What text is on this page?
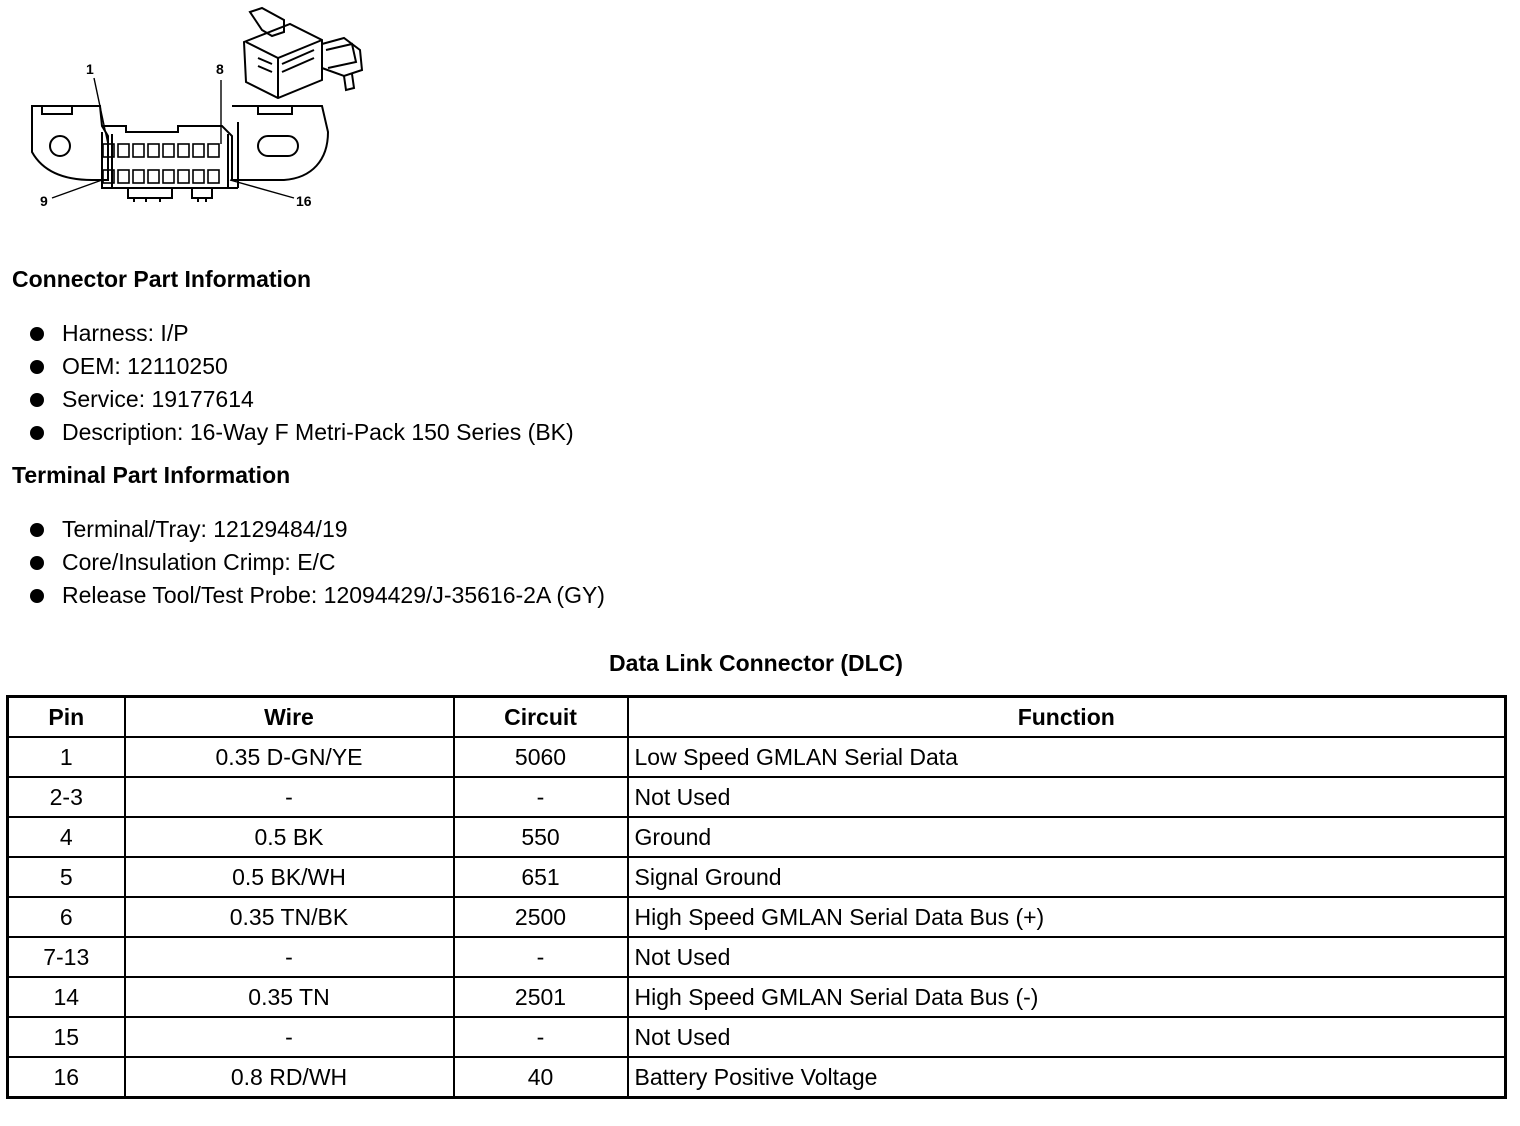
1	8
9	16
Connector Part Information
Harness: I/P
OEM: 12110250
Service: 19177614
Description: 16-Way F Metri-Pack 150 Series (BK)
Terminal Part Information
Terminal/Tray: 12129484/19
Core/Insulation Crimp: E/C
Release Tool/Test Probe: 12094429/J-35616-2A (GY)
Data Link Connector (DLC)
Pin	Wire	Circuit	Function
1	0.35 D-GN/YE	5060	Low Speed GMLAN Serial Data
2-3	-	-	Not Used
4	0.5 BK	550	Ground
5	0.5 BK/WH	651	Signal Ground
6	0.35 TN/BK	2500	High Speed GMLAN Serial Data Bus (+)
7-13	-	-	Not Used
14	0.35 TN	2501	High Speed GMLAN Serial Data Bus (-)
15	-	-	Not Used
16	0.8 RD/WH	40	Battery Positive Voltage
